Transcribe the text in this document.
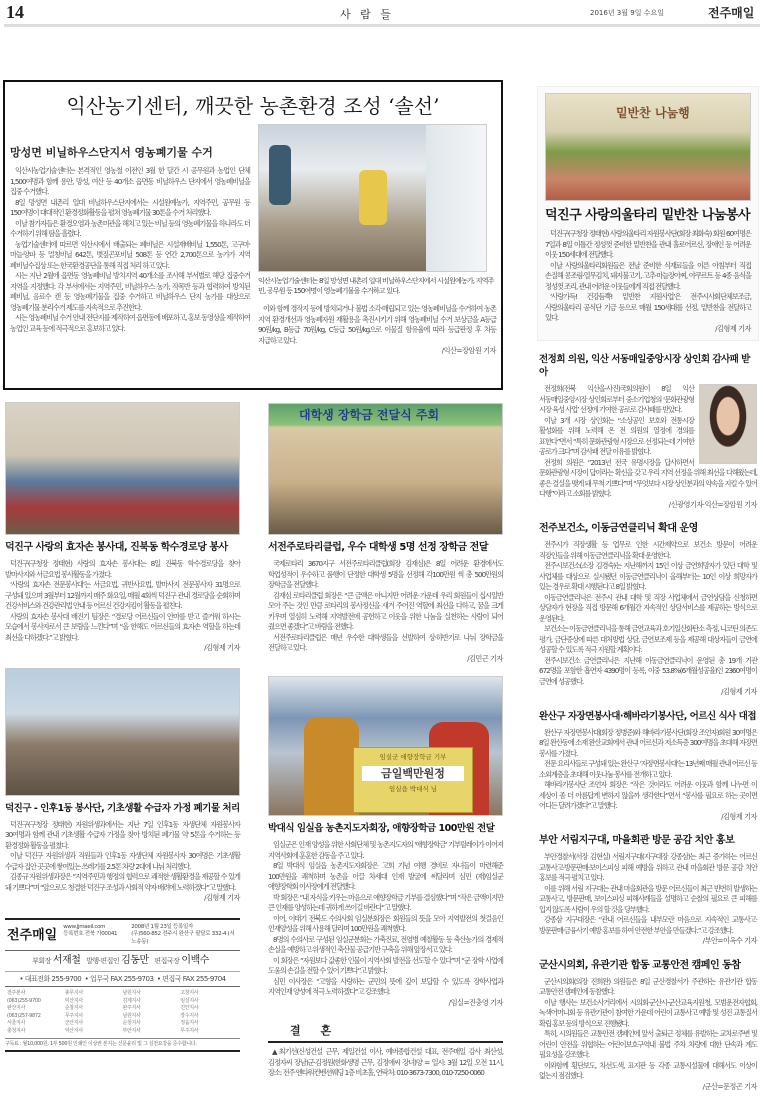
14	사 람 들	2016년 3월 9일 수요일	전주매일
익산농기센터, 깨끗한 농촌환경 조성 ‘솔선’
망성면 비닐하우스단지서 영농폐기물 수거

익산시농업기술센터는 본격적인 영농철 이전인 3월 한 달간 시 공무원과 농업인 단체 1,500여명과 함께 용안, 망성, 여산 등 40개소 읍면동 비닐하우스 단지에서 영농폐비닐을 집중 수거했다.

8일 망성면 내촌리 일대 비닐하우스단지에서는 시설원예농가, 지역주민, 공무원 등 150여명이 대대적인 환경정화활동을 펼쳐 영농폐기물 30톤을 수거 처리했다.

이날 참가자들은 환경오염과 농촌미관을 해치고 있는 비닐 등의 영농폐기물을 하나라도 더 수거하기 위해 땀을 흘렸다.

농업기술센터에 따르면 익산시에서 배출되는 폐비닐은 시설재배비닐 1,550톤, 고구마·마늘·양파 등 멀칭비닐 642톤, 볏짚곤포비닐 508톤 등 연간 2,700톤으로 농가가 지역 폐비닐수집상 또는 한국환경공단을 통해 직접 처리 하고 있다.

시는 지난 2월에 읍면동 영농폐비닐 방치지역 40개소를 조사해 부서별로 해당 집중수거 지역을 지정했다. 각 부서에서는 지역주민, 비닐하우스 농가, 작목반 등과 협력하여 방치된 폐비닐, 음료수 캔 등 영농폐기물을 집중 수거하고 비닐하우스 단지 농가를 대상으로 영농폐기물 분리수거 제도를 지속적으로 추진한다.

시는 영농폐비닐 수거 안내 전단지를 제작하여 읍면동에 배포하고, 홍보 동영상을 제작하여 농업인 교육 등에 적극적으로 홍보하고 있다.

익산시농업기술센터는 8일 망성면 내촌리 일대 비닐하우스단지에서 시설원예농가, 지역주민, 공무원 등 150여명이 영농폐기물을 수거하고 있다.

이와 함께 경작지 등에 방치되거나 불법 소각·매립되고 있는 영농폐비닐을 수거하여 농촌 지역 환경개선과 영농폐자원 재활용을 촉진시키기 위해 영농폐비닐 수거 보상금을 A등급 90원/kg, B등급 70원/kg, C등급 50원/kg으로 이물질 함유율에 따라 등급판정 후 차등 지급하고 있다.

/익산=장암원 기자
밑반찬 나눔행
덕진구 사랑의울타리 밑반찬 나눔봉사

덕진구(구청장 정태현) 사랑의울타리 자원봉사단(회장 최화숙) 회원 60여명은 7일과 8일 이틀간 정성껏 준비한 밑반찬을 관내 홀로어르신, 장애인 등 어려운 이웃 150세대에 전달했다.

이날 사랑의울타리회원들은 전날 준비한 식재료들을 이른 아침부터 직접 손질해 콩조림·열무김치, 돼지불고기, 고추·마늘장아찌, 야쿠르트 등 4종 음식을 정성껏 조리, 관내 어려운 이웃들에게 직접 전달했다.

‘사랑가득! 건강듬뿍! 밑반찬 지원사업’은 전주시사회단체보조금, 사랑의울타리 공식단 기금 등으로 매월 150세대를 선정, 밑반찬을 전달하고 있다.

/김형제 기자
전정희 의원, 익산 서동매일중앙시장 상인회 감사패 받아

전정희(전북 익산을·사진)국회의원이 8일 익산 서동매일중앙시장 상인회로부터 중소기업청의 ‘문화관광형 시장 육성 사업’ 선정에 기여한 공로로 감사패를 받았다.

이날 3개 시장 상인회는 “소상공인 보호와 전통시장 활성화를 위해 노력해 온 전 의원의 열정에 경의를 표한다”면서 “특히 문화관광형 시장으로 선정되는데 기여한 공로가 크다”며 감사패 전달 이유를 밝혔다.

전정희 의원은 “2013년 전국 유명시장을 답사하면서 문화관광형 시장이 답이라는 확신을 갖고 우리 지역 선정을 위해 최선을 다해왔는데, 좋은 결실을 맺게 돼 무척 기쁘다”며 “무엇보다 시장 상인분과의 약속을 지킬 수 있어 다행”이라고 소회를 밝혔다.

/신광영기자·익산=장암원 기자
전주보건소, 이동금연클리닉 확대 운영

전주시가 직장생활 등 업무로 인한 시간제약으로 보건소 방문이 어려운 직장인들을 위해 이동금연클리닉을 확대 운영한다.

전주시보건소(소장 김경숙)는 지난해까지 15인 이상 금연희망자가 있던 대학 및 사업체를 대상으로 실시됐던 이동금연클리닉이 올해부터는 10인 이상 희망자가 있는 경우로 확대 시행된다고 8일 밝혔다.

이동금연클리닉은 전주시 관내 대학 및 직장 사업체에서 금연상담을 신청하면 상담자가 현장을 직접 방문해 6개월간 지속적인 상담서비스를 제공하는 방식으로 운영된다.

보건소는 이동금연클리닉을 통해 금연교육과 호기일산화탄소 측정, 니코틴 의존도 평가, 금단증상에 따른 대처방법 상담, 금연보조제 등을 제공해 대상자들이 금연에 성공할 수 있도록 적극 지원할 계획이다.

전주시보건소 금연클리닉은 지난해 이동금연클리닉이 운영된 총 19개 기관 672명을 포함한 흡연자 4390명이 등록, 이중 53.8%(6개월성공율)인 2360여명이 금연에 성공했다.

/김형제 기자
완산구 자장면봉사대·해바라기봉사단, 어르신 식사 대접

완산구 자장면봉사대(회장 정병준)와 해바라기봉사단(회장 조언자)회원 30여명은 8일 완산동에 소재 완산교회에서 관내 어르신과 저소득층 300여명을 초대해 자장면 봉사를 가졌다.

전문 요리사들로 구성돼 있는 완산구 ‘자장면봉사대’는 13년째 매월 관내 어르신 등 소외계층을 초대해 이웃나눔 봉사를 전개하고 있다.

해바라기봉사단 조언자 회장은 “작은 것이라도 어려운 이웃과 함께 나누면 이 세상이 좀 더 아름답게 변하지 않을까 생각한다”면서 “봉사를 필요로 하는 곳이면 어디든 달려가겠다”고 말했다.

/김형제 기자
부안 서림지구대, 마을회관 방문 공감 치안 홍보

부안경찰서(서장 김현실) 서림지구대(지구대장 강종삼)는 최근 증가하는 어르신 교통사고·방문판매·보이스피싱 피해 예방을 위하고 관내 마을회관 방문 공감 치안 홍보를 적극 펼치고 있다.

이를 위해 서림 지구대는 관내 마을회관을 방문 어르신들이 최근 빈번히 발생하는 교통사고, 방문판매, 보이스피싱 피해사례들을 설명하고 순찰의 필요로 큰 피해를 입지 않도록 사람이 우의 할 것을 당부했다.

강종삼 지구대장은 “관내 어르신들을 내부모란 마음으로 지속적인 교통사고·방문판매·금융사기 예방 홍보를 하여 안전한 부안을 만들겠다.”고 강조했다.

/부안=이옥수 기자
군산시의회, 유관기관 합동 교통안전 캠페인 동참

군산시의회(의장 진희완) 의원들은 8일 군산경찰서가 주관하는 유관기관 합동 교통안전 캠페인에 동참했다.

이날 행사는 보건소사거리에서 시의회·군산시·군산교육지원청, 모범운전자협회, 녹색어머니회 등 유관기관이 참여한 가운데 어린이 교통사고 예방 및 성진 교통질서 확립 홍보 등의 방식으로 진행됐다.

특히, 시의원들은 교통안전 캠페인에 앞서 출퇴근 정체를 유발하는 교차로주변 및 어린이 안전을 위협하는 어린이보호구역내 불법 주차 차량에 대한 단속과 계도 필요성을 강조했다.

이와함께 횡단보도, 차선도색, 표지판 등 각종 교통시설물에 대해서도 이상이 없는지 점검했다.

/군산=문정곤 기자
덕진구 사랑의 효자손 봉사대, 진북동 학수경로당 봉사

덕진구(구청장 정태현) 사랑의 효자손 봉사대는 8일 진북동 학수경로당을 찾아 발마사지와 서금요법 봉사활동을 가졌다.

‘사랑의 효자손 전문봉사대’는 서금요법, 귀반사요법, 발마사지 전문봉사자 31명으로 구성돼 있으며 3월부터 12월까지 매주 화요일, 매월 4회씩 덕진구 관내 경로당을 순회하며 건강서비스와 건강관리법 안내 등 어르신 건강지킴이 활동을 펼친다.

사랑의 효자손 봉사대 배진기 팀장은 “경로당 어르신들이 안마를 받고 즐거워 하시는 모습에서 봉사자로서 큰 보람을 느낀다”며 “올 한해도 어르신들의 효자손 역할을 하는데 최선을 다하겠다.”고 밝혔다.

/김형제 기자
덕진구 - 인후1동 봉사단, 기초생활 수급자 가정 폐기물 처리

덕진구(구청장 정태현) 자원위생과에서는 지난 7일 인후1동 자생단체 자원봉사자 30여명과 함께 관내 기초생활 수급자 가정을 찾아 방치된 폐기물 약 5톤을 수거하는 등 환경정화 활동을 펼쳤다.

이날 덕진구 자원위생과 직원들과 인후1동 자생단체 자원봉사자 30여명은 기초생활 수급자 집안 곳곳에 쌓여있는 쓰레기를 2.5톤 차량 2대에 나눠 처리했다.

김종규 자원위생과장은 “지역주민과 행정의 협력으로 쾌적한 생활환경을 제공할 수 있게 돼 기쁘다”며 “앞으로도 청결한 덕진구 조성과 사회적 약자 배려에 노력하겠다”고 말했다.

/김형제 기자
전주매일
www.jjmaeil.com
등록번호 전북 가00041
2008년 1월 23일 등록일자
(우)560-852 전주시 완산구 팔달로 332-4 (서노송동)
부회장 서재철 발행·편집인 김동만 편집국장 이백수
• 대표전화 255-9700 • 업무국 FAX 255-9703 • 편집국 FAX 255-9704
전주본사	총무지사	남원지사	고창지사
(063)255-9700	익산지사	김제지사	임실지사
완산지사	순창지사	완주지사	진안지사
(063)257-9872	무주지사	남원지사	장수지사
서울지사	군산지사	순창지사	정읍지사
충청지사	익산지사	부안지사	무주지사
구독료 : 월10,000원, 1부 500원 인쇄인 이상권 본지는 신문윤리 및 그 실천요강을 준수합니다.
대학생 장학금 전달식 주회
서전주로타리클럽, 우수 대학생 5명 선정 장학금 전달

국제로타리 3670지구 서전주로타리클럽(회장 김재심)은 8일 어려운 환경에서도 학업성적이 우수하고 품행이 단정한 대학생 5명을 선정해 각100만원 씩 총 500만원의 장학금을 전달했다.

김재심 로타리클럽 회장은 “큰 금액은 아니지만 어려운 가운데 우리 회원들이 십시일반 모아 주는 것인 만큼 로타리의 봉사정신을 새겨 주어진 역할에 최선을 다하고, 꿈을 크게 키우며 열심히 노력해 지역발전에 공헌하고 이웃을 위한 나눔을 실천하는 사람이 되어 줬으면 좋겠다”고 바람을 전했다.

서전주로타리클럽은 매년 우수한 대학생들을 선발하여 상·하반기로 나눠 장학금을 전달하고 있다.

/김민근 기자
임실군 애향장학금 기부
금일백만원정
임실읍 박대식 님
박대식 임실읍 농촌지도자회장, 애향장학금 100만원 전달

임실군은 인재 양성을 위한 사회단체 및 농촌지도자의 ‘애향장학금’ 기부릴레이가 이어져 지역사회에 훈훈한 감동을 주고 있다.

8일 박대식 임실읍 농촌지도자회장은 고희 기념 여행 경비로 자녀들이 마련해준 100만원을 쾌척하며 농촌을 이끌 차세대 인재 발굴에 써달라며 심민 (재)임실군 애향장학회 이사장에게 전달했다.

박 회장은 “내 자식을 키우는 마음으로 애향장학금 기부를 결심했다”며 “작은 금액이지만 큰 인재를 양성하는데 귀하게 쓰이길 바란다”고 말했다.

이어, 이태기 전북도 수의사회 임실분회장은 회원들의 뜻을 모아 지역발전의 첫걸음인 인재양성을 위해 사용해 달라며 100만원을 쾌척했다.

8명의 수의사로 구성된 임실군분회는 가축진료, 전염병 예찰활동 등 축산농가의 경제적 손실을 예방하고 위생적인 축산물 공급기반 구축을 위해 앞장서고 있다.

이 회장은 “자원보다 값좋한 인물이 지역사회 발전을 선도할 수 있다”며 “군 장학 사업에 도움의 손길을 전할 수 있어 기쁘다”고 밝혔다.

심민 이사장은 “고향을 사랑하는 군민의 뜻에 깊이 보답할 수 있도록 장학사업과 지역인재 양성에 적극 노력하겠다”고 강조했다.

/임실=진충영 기자
결 혼
▲최기선(신성건설 근무, 제일건설 이사, 예버종합건설 대표, 전주매일 감사 최산성, 김정자씨 장남)군·김정원(한화생명 근무, 김정애씨 장녀)양 = 일시: 3월 12일 오전 11시, 장소: 전주 엔타워컨벤션웨딩 1층 비초홀, 연락처: 010-3673-7300, 010-7250-0060
